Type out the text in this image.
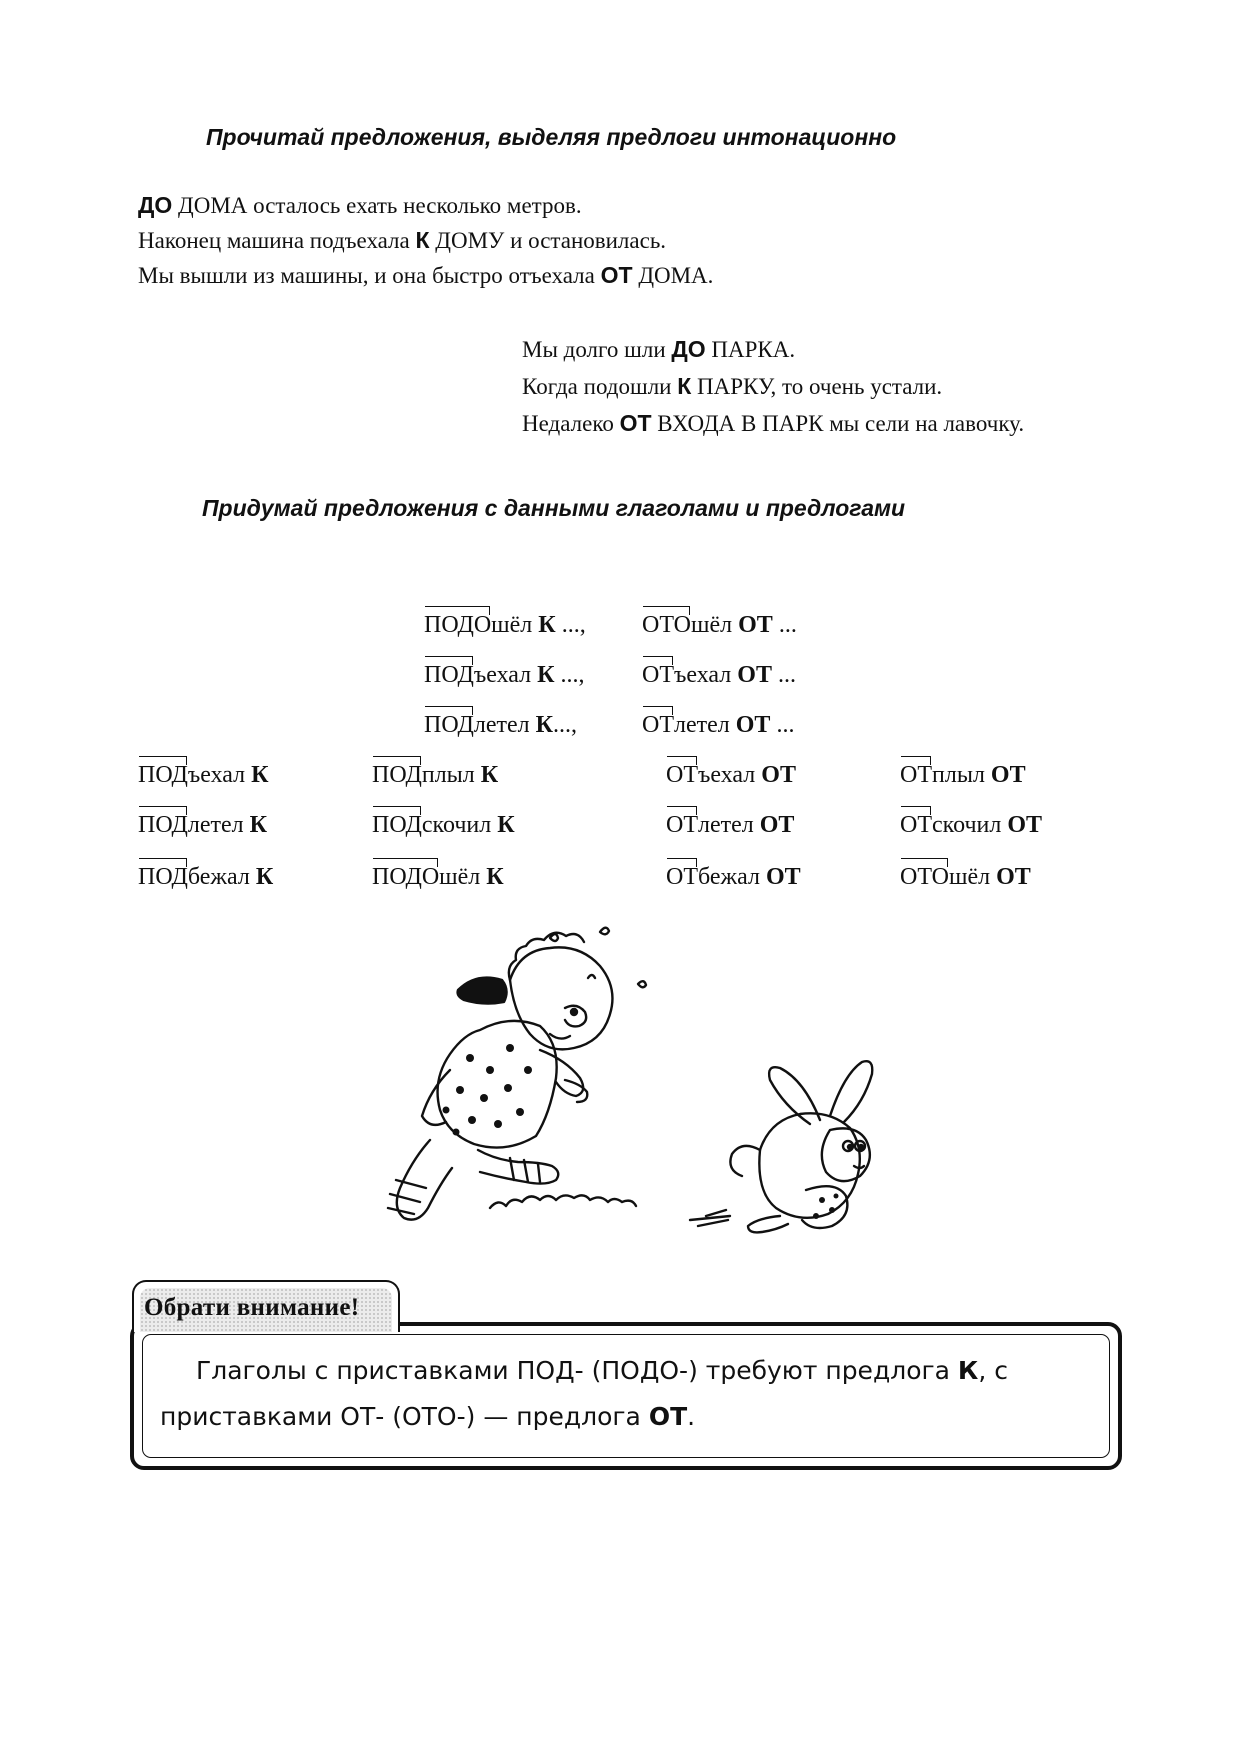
Прочитай предложения, выделяя предлоги интонационно
ДО ДОМА осталось ехать несколько метров.
Наконец машина подъехала К ДОМУ и остановилась.
Мы вышли из машины, и она быстро отъехала ОТ ДОМА.
Мы долго шли ДО ПАРКА.
Когда подошли К ПАРКУ, то очень устали.
Недалеко ОТ ВХОДА В ПАРК мы сели на лавочку.
Придумай предложения с данными глаголами и предлогами
ПОДОшёл К ..., ОТОшёл ОТ ...
ПОДъехал К ..., ОТъехал ОТ ...
ПОДлетел К...,	ОТлетел ОТ ...
ПОДъехал К	ПОДплыл К	ОТъехал ОТ	ОТплыл ОТ
ПОДлетел К	ПОДскочил К	ОТлетел ОТ	ОТскочил ОТ
ПОДбежал К	ПОДОшёл К	ОТбежал ОТ	ОТОшёл ОТ
Глаголы с приставками ПОД- (ПОДО-) требуют предлога К, с приставками ОТ- (ОТО-) — предлога ОТ.
Обрати внимание!
